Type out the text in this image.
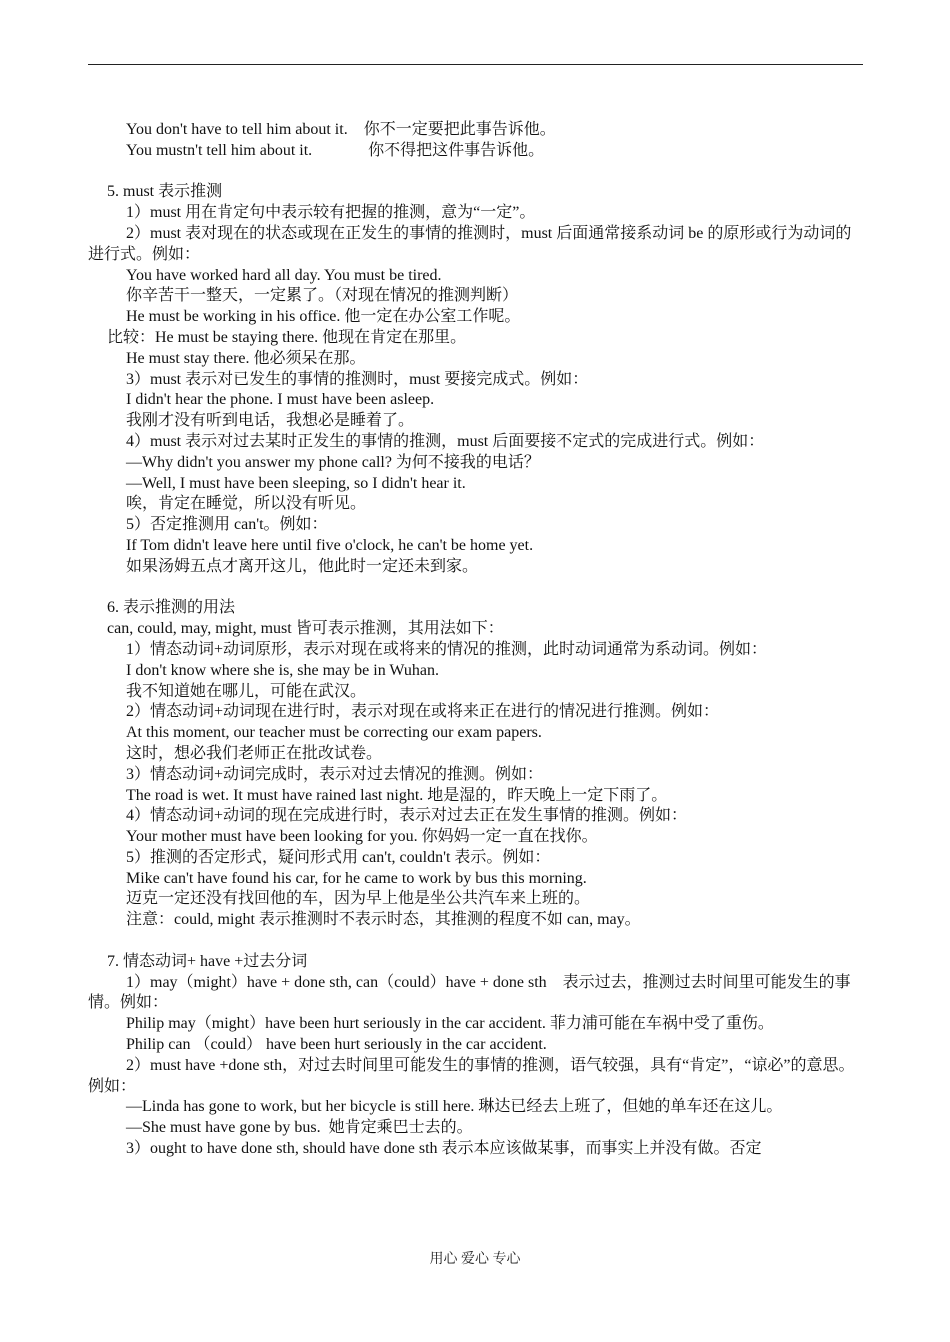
You don't have to tell him about it.    你不一定要把此事告诉他。

You mustn't tell him about it.              你不得把这件事告诉他。

5. must 表示推测

1）must 用在肯定句中表示较有把握的推测，意为“一定”。

2）must 表对现在的状态或现在正发生的事情的推测时，must 后面通常接系动词 be 的原形或行为动词的进行式。例如：

You have worked hard all day. You must be tired.

你辛苦干一整天，一定累了。（对现在情况的推测判断）

He must be working in his office. 他一定在办公室工作呢。

比较：He must be staying there. 他现在肯定在那里。

He must stay there. 他必须呆在那。

3）must 表示对已发生的事情的推测时，must 要接完成式。例如：

I didn't hear the phone. I must have been asleep.

我刚才没有听到电话，我想必是睡着了。

4）must 表示对过去某时正发生的事情的推测，must 后面要接不定式的完成进行式。例如：

—Why didn't you answer my phone call? 为何不接我的电话？

—Well, I must have been sleeping, so I didn't hear it.

唉，肯定在睡觉，所以没有听见。

5）否定推测用 can't。例如：

If Tom didn't leave here until five o'clock, he can't be home yet.

如果汤姆五点才离开这儿，他此时一定还未到家。

6. 表示推测的用法

can, could, may, might, must 皆可表示推测，其用法如下：

1）情态动词+动词原形，表示对现在或将来的情况的推测，此时动词通常为系动词。例如：

I don't know where she is, she may be in Wuhan.

我不知道她在哪儿，可能在武汉。

2）情态动词+动词现在进行时，表示对现在或将来正在进行的情况进行推测。例如：

At this moment, our teacher must be correcting our exam papers.

这时，想必我们老师正在批改试卷。

3）情态动词+动词完成时，表示对过去情况的推测。例如：

The road is wet. It must have rained last night. 地是湿的，昨天晚上一定下雨了。

4）情态动词+动词的现在完成进行时，表示对过去正在发生事情的推测。例如：

Your mother must have been looking for you. 你妈妈一定一直在找你。

5）推测的否定形式，疑问形式用 can't, couldn't 表示。例如：

Mike can't have found his car, for he came to work by bus this morning.

迈克一定还没有找回他的车，因为早上他是坐公共汽车来上班的。

注意：could, might 表示推测时不表示时态，其推测的程度不如 can, may。

7. 情态动词+ have +过去分词

1）may（might）have + done sth, can（could）have + done sth    表示过去，推测过去时间里可能发生的事情。例如：

Philip may（might）have been hurt seriously in the car accident. 菲力浦可能在车祸中受了重伤。

Philip can （could） have been hurt seriously in the car accident.

2）must have +done sth，对过去时间里可能发生的事情的推测，语气较强，具有“肯定”，“谅必”的意思。例如：

—Linda has gone to work, but her bicycle is still here. 琳达已经去上班了，但她的单车还在这儿。

—She must have gone by bus.  她肯定乘巴士去的。

3）ought to have done sth, should have done sth 表示本应该做某事，而事实上并没有做。否定

用心 爱心 专心
